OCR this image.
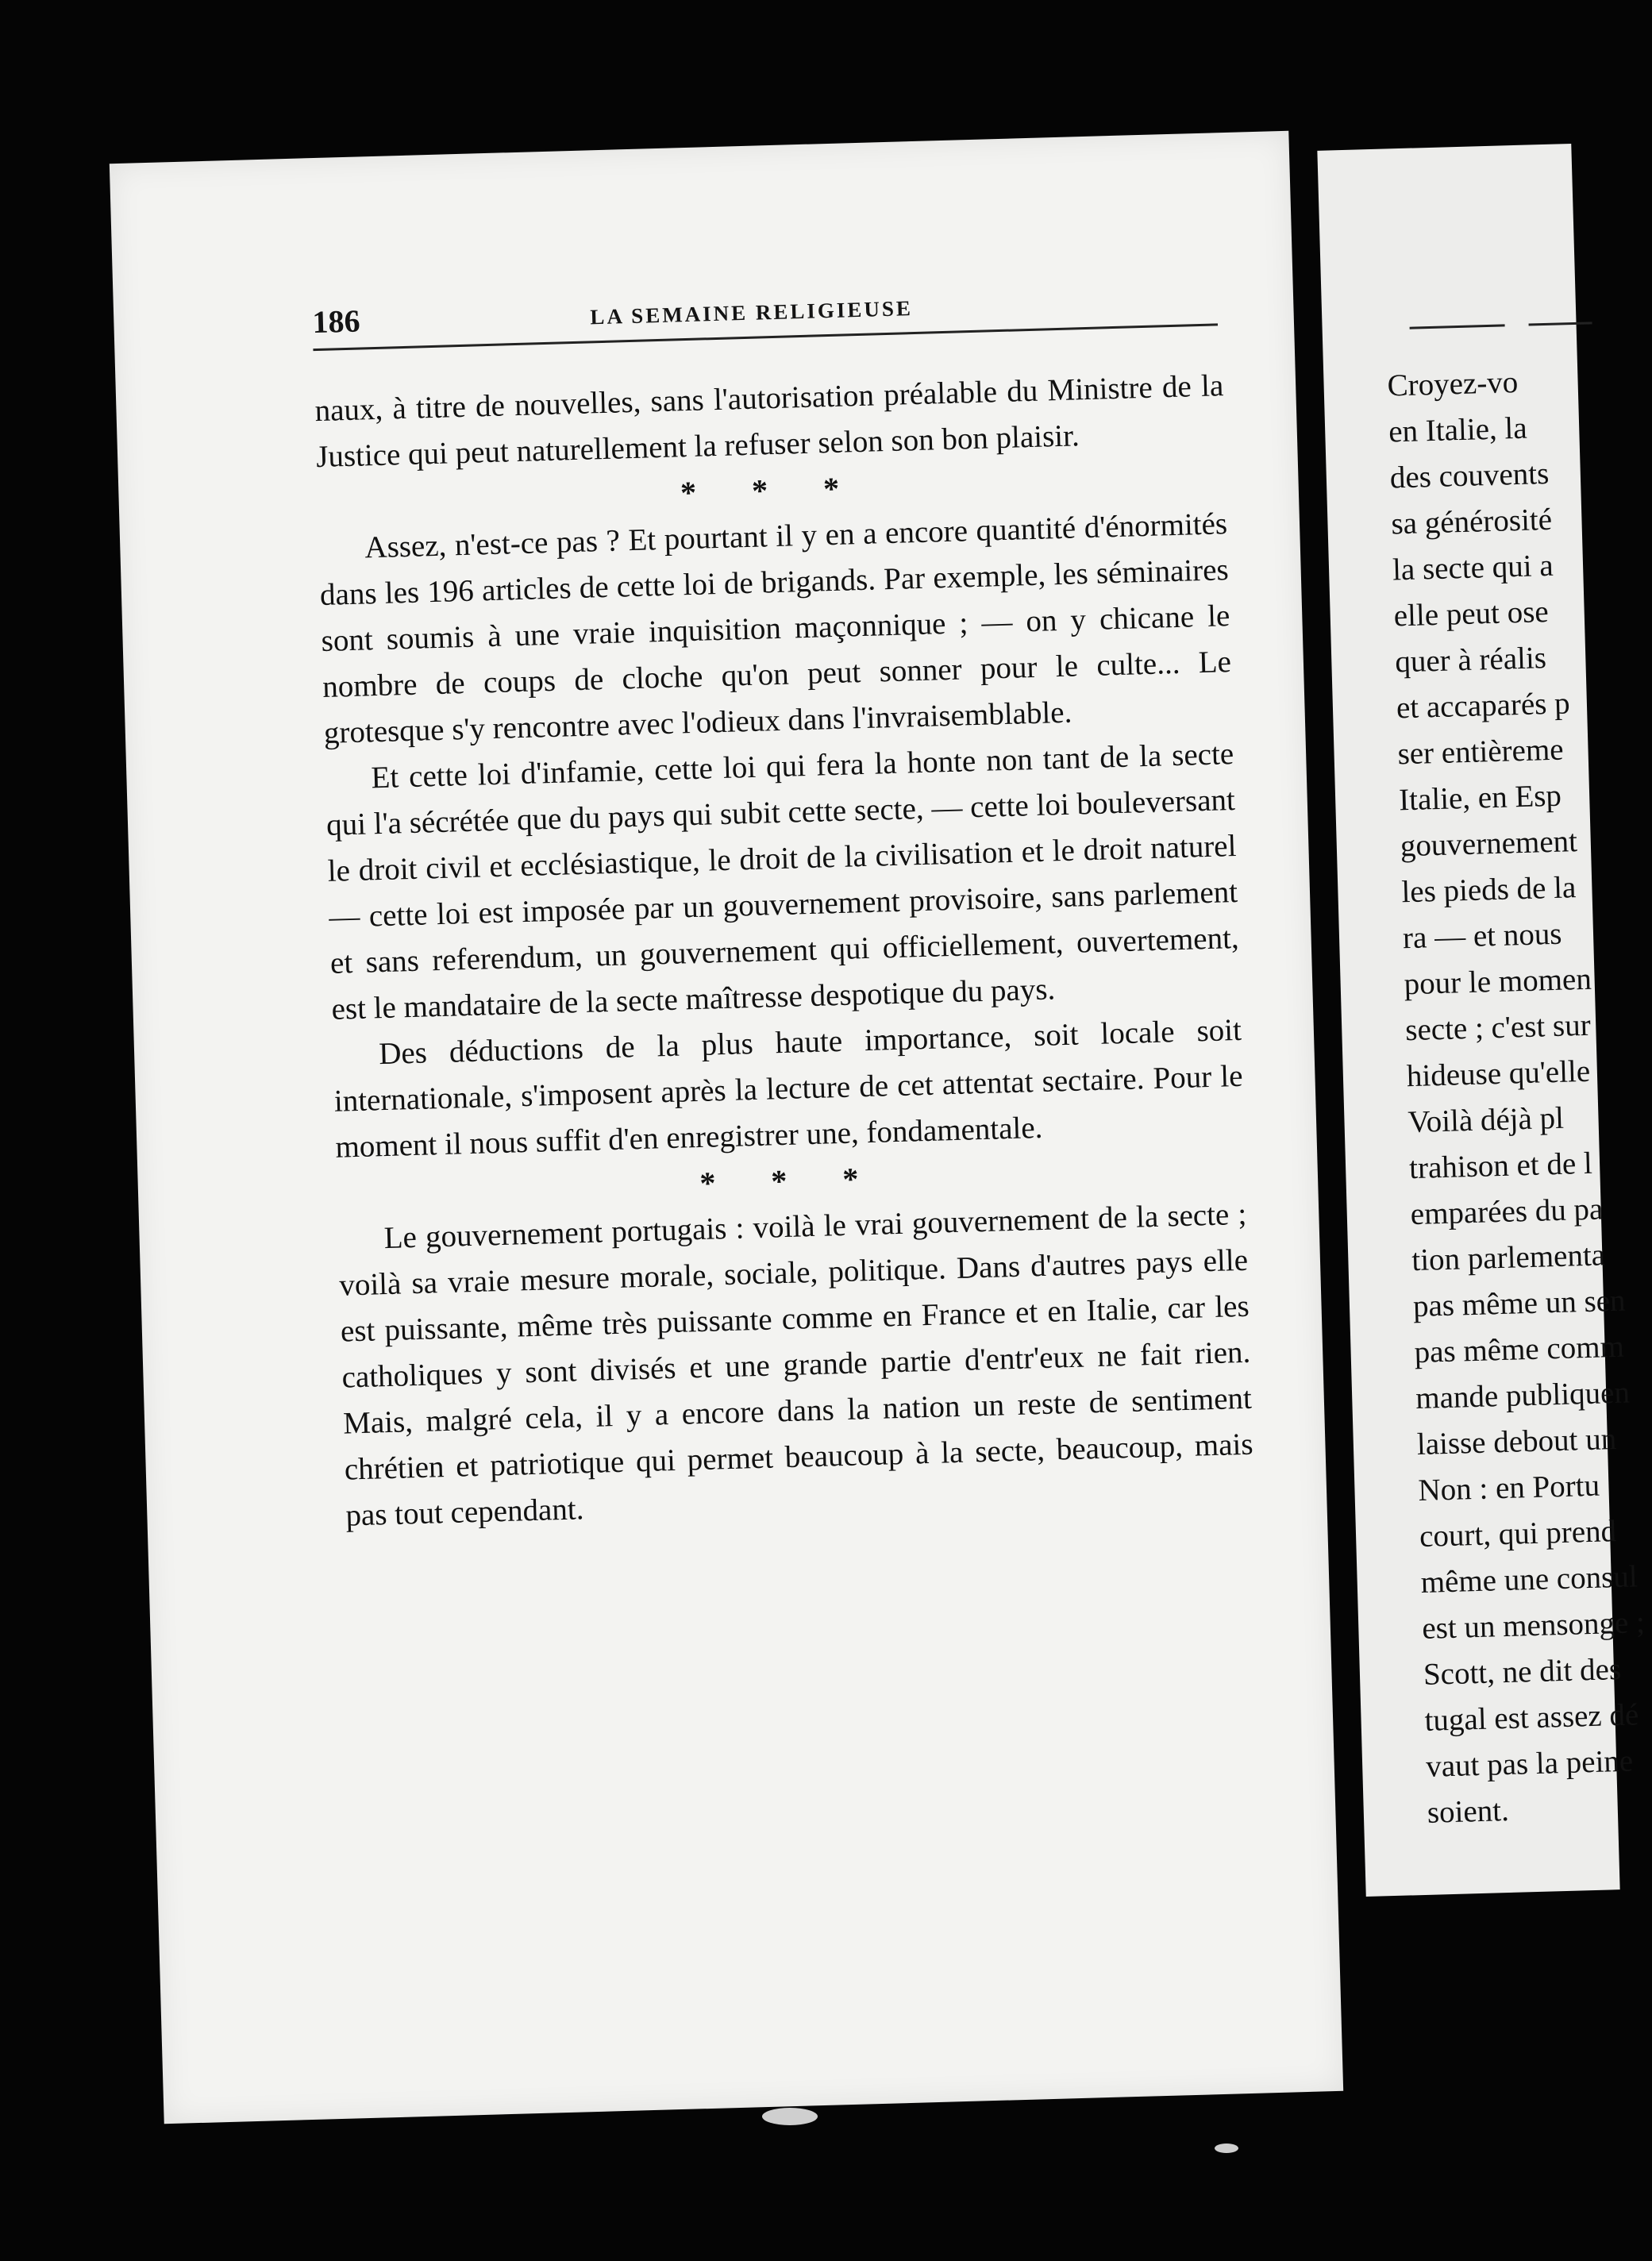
186	LA SEMAINE RELIGIEUSE

naux, à titre de nouvelles, sans l'autorisation préalable du Ministre de la Justice qui peut naturellement la refuser selon son bon plaisir.

* * *

Assez, n'est-ce pas ? Et pourtant il y en a encore quantité d'énormités dans les 196 articles de cette loi de brigands. Par exemple, les séminaires sont soumis à une vraie inquisition maçonnique ; — on y chicane le nombre de coups de cloche qu'on peut sonner pour le culte... Le grotesque s'y rencontre avec l'odieux dans l'invraisemblable.

Et cette loi d'infamie, cette loi qui fera la honte non tant de la secte qui l'a sécrétée que du pays qui subit cette secte, — cette loi bouleversant le droit civil et ecclésiastique, le droit de la civilisation et le droit naturel — cette loi est imposée par un gouvernement provisoire, sans parlement et sans referendum, un gouvernement qui officiellement, ouvertement, est le mandataire de la secte maîtresse despotique du pays.

Des déductions de la plus haute importance, soit locale soit internationale, s'imposent après la lecture de cet attentat sectaire. Pour le moment il nous suffit d'en enregistrer une, fondamentale.

* * *

Le gouvernement portugais : voilà le vrai gouvernement de la secte ; voilà sa vraie mesure morale, sociale, politique. Dans d'autres pays elle est puissante, même très puissante comme en France et en Italie, car les catholiques y sont divisés et une grande partie d'entr'eux ne fait rien. Mais, malgré cela, il y a encore dans la nation un reste de sentiment chrétien et patriotique qui permet beaucoup à la secte, beaucoup, mais pas tout cependant.

Croyez-vo
en Italie, la
des couvents
sa générosité
la secte qui a
elle peut ose
quer à réalis
et accaparés p
ser entièreme
Italie, en Esp
gouvernement
les pieds de la
ra — et nous
pour le momen
secte ; c'est sur
hideuse qu'elle
Voilà déjà pl
trahison et de l
emparées du pa
tion parlementa
pas même un sen
pas même comm
mande publiquen
laisse debout un
Non : en Portu
court, qui prend
même une consul
est un mensonge ;
Scott, ne dit des
tugal est assez dé
vaut pas la peine
soient.
